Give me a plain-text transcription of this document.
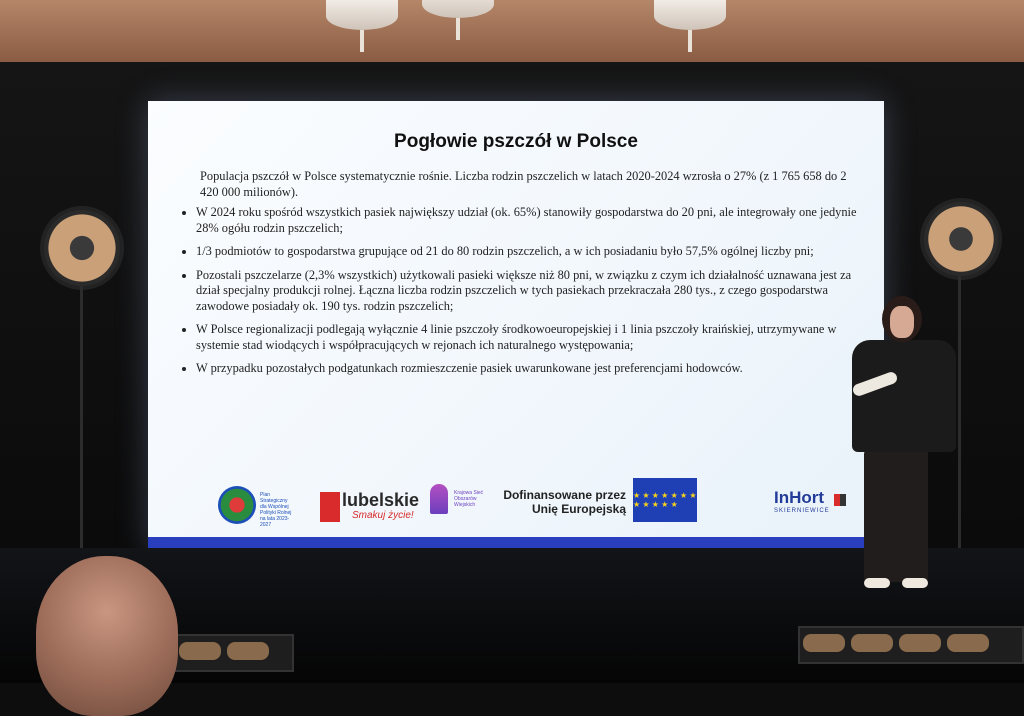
Pogłowie pszczół w Polsce

Populacja pszczół w Polsce systematycznie rośnie. Liczba rodzin pszczelich w latach 2020-2024 wzrosła o 27% (z 1 765 658 do 2 420 000 milionów).

• W 2024 roku spośród wszystkich pasiek największy udział (ok. 65%) stanowiły gospodarstwa do 20 pni, ale integrowały one jedynie 28% ogółu rodzin pszczelich;
• 1/3 podmiotów to gospodarstwa grupujące od 21 do 80 rodzin pszczelich, a w ich posiadaniu było 57,5% ogólnej liczby pni;
• Pozostali pszczelarze (2,3% wszystkich) użytkowali pasieki większe niż 80 pni, w związku z czym ich działalność uznawana jest za dział specjalny produkcji rolnej. Łączna liczba rodzin pszczelich w tych pasiekach przekraczała 280 tys., z czego gospodarstwa zawodowe posiadały ok. 190 tys. rodzin pszczelich;
• W Polsce regionalizacji podlegają wyłącznie 4 linie pszczoły środkowoeuropejskiej i 1 linia pszczoły kraińskiej, utrzymywane w systemie stad wiodących i współpracujących w rejonach ich naturalnego występowania;
• W przypadku pozostałych podgatunkach rozmieszczenie pasiek uwarunkowane jest preferencjami hodowców.
Plan Strategiczny dla Wspólnej Polityki Rolnej na lata 2023-2027
lubelskie
Smakuj życie!
Krajowa Sieć Obszarów Wiejskich
Dofinansowane przez
Unię Europejską
★ ★ ★ ★ ★ ★ ★ ★ ★ ★ ★ ★	InHort
SKIERNIEWICE
